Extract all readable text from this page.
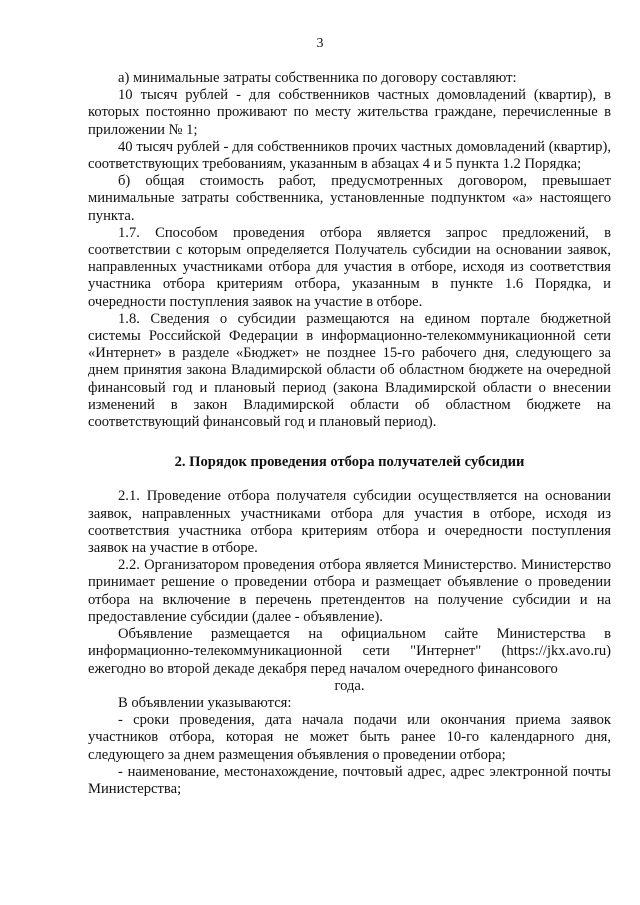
3

а) минимальные затраты собственника по договору составляют:

10 тысяч рублей - для собственников частных домовладений (квартир), в которых постоянно проживают по месту жительства граждане, перечисленные в приложении № 1;

40 тысяч рублей - для собственников прочих частных домовладений (квартир), соответствующих требованиям, указанным в абзацах 4 и 5 пункта 1.2 Порядка;

б) общая стоимость работ, предусмотренных договором, превышает минимальные затраты собственника, установленные подпунктом «а» настоящего пункта.

1.7. Способом проведения отбора является запрос предложений, в соответствии с которым определяется Получатель субсидии на основании заявок, направленных участниками отбора для участия в отборе, исходя из соответствия участника отбора критериям отбора, указанным в пункте 1.6 Порядка, и очередности поступления заявок на участие в отборе.

1.8. Сведения о субсидии размещаются на едином портале бюджетной системы Российской Федерации в информационно-телекоммуникационной сети «Интернет» в разделе «Бюджет» не позднее 15-го рабочего дня, следующего за днем принятия закона Владимирской области об областном бюджете на очередной финансовый год и плановый период (закона Владимирской области о внесении изменений в закон Владимирской области об областном бюджете на соответствующий финансовый год и плановый период).

2. Порядок проведения отбора получателей субсидии

2.1. Проведение отбора получателя субсидии осуществляется на основании заявок, направленных участниками отбора для участия в отборе, исходя из соответствия участника отбора критериям отбора и очередности поступления заявок на участие в отборе.

2.2. Организатором проведения отбора является Министерство. Министерство принимает решение о проведении отбора и размещает объявление о проведении отбора на включение в перечень претендентов на получение субсидии и на предоставление субсидии (далее - объявление).

Объявление размещается на официальном сайте Министерства в информационно-телекоммуникационной сети "Интернет" (https://jkx.avo.ru) ежегодно во второй декаде декабря перед началом очередного финансового

года.

В объявлении указываются:

- сроки проведения, дата начала подачи или окончания приема заявок участников отбора, которая не может быть ранее 10-го календарного дня, следующего за днем размещения объявления о проведении отбора;

- наименование, местонахождение, почтовый адрес, адрес электронной почты Министерства;
